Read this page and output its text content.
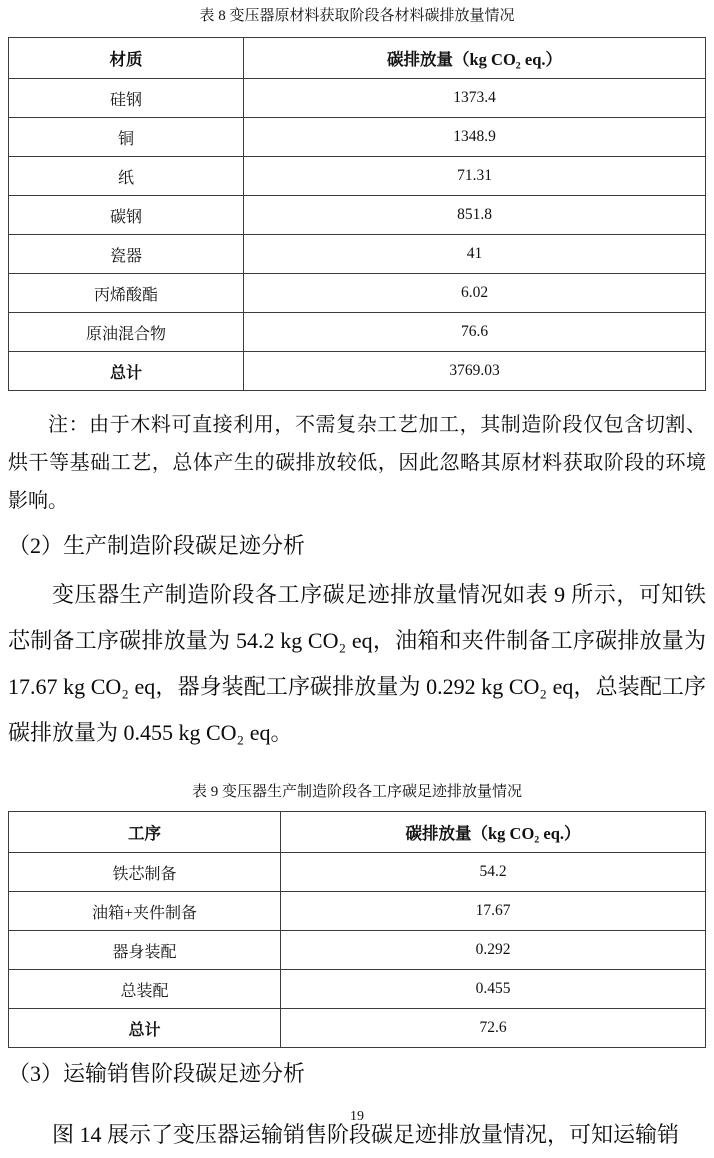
表 8 变压器原材料获取阶段各材料碳排放量情况

材质	碳排放量（kg CO₂ eq.）
硅钢	1373.4
铜	1348.9
纸	71.31
碳钢	851.8
瓷器	41
丙烯酸酯	6.02
原油混合物	76.6
总计	3769.03

注：由于木料可直接利用，不需复杂工艺加工，其制造阶段仅包含切割、烘干等基础工艺，总体产生的碳排放较低，因此忽略其原材料获取阶段的环境影响。

（2）生产制造阶段碳足迹分析

变压器生产制造阶段各工序碳足迹排放量情况如表 9 所示，可知铁芯制备工序碳排放量为 54.2 kg CO₂ eq，油箱和夹件制备工序碳排放量为 17.67 kg CO₂ eq，器身装配工序碳排放量为 0.292 kg CO₂ eq，总装配工序碳排放量为 0.455 kg CO₂ eq。

表 9 变压器生产制造阶段各工序碳足迹排放量情况

工序	碳排放量（kg CO₂ eq.）
铁芯制备	54.2
油箱+夹件制备	17.67
器身装配	0.292
总装配	0.455
总计	72.6
（3）运输销售阶段碳足迹分析

图 14 展示了变压器运输销售阶段碳足迹排放量情况，可知运输销

19
